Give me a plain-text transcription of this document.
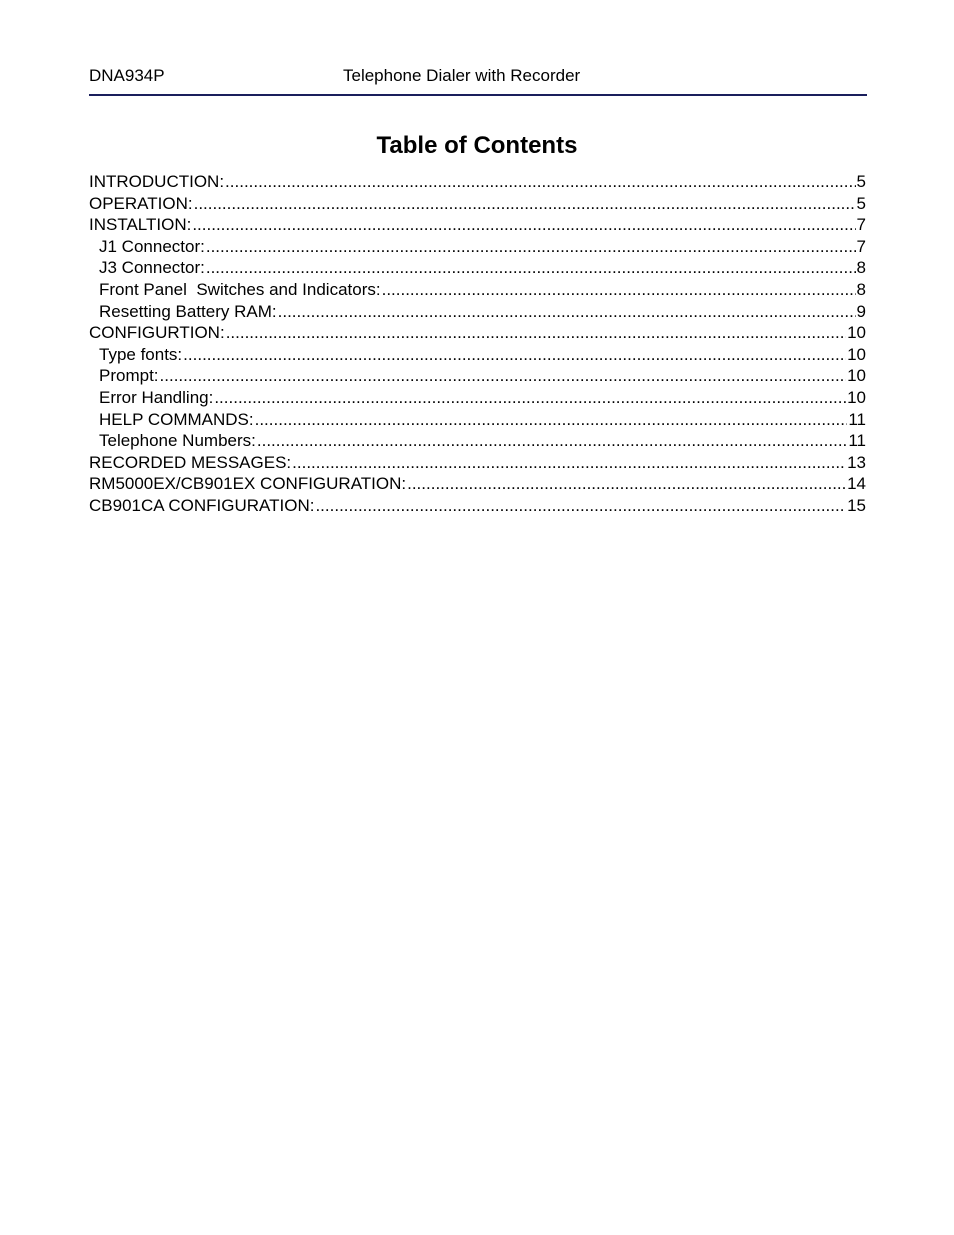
DNA934P	Telephone Dialer with Recorder
Table of Contents
INTRODUCTION: .....	5
OPERATION: .....	5
INSTALTION: .....	7
J1 Connector: .....	7
J3 Connector: .....	8
Front Panel  Switches and Indicators: .....	8
Resetting Battery RAM: .....	9
CONFIGURTION: .....	10
Type fonts: .....	10
Prompt: .....	10
Error Handling: .....	10
HELP COMMANDS: .....	11
Telephone Numbers: .....	11
RECORDED MESSAGES: .....	13
RM5000EX/CB901EX CONFIGURATION: .....	14
CB901CA CONFIGURATION: .....	15
